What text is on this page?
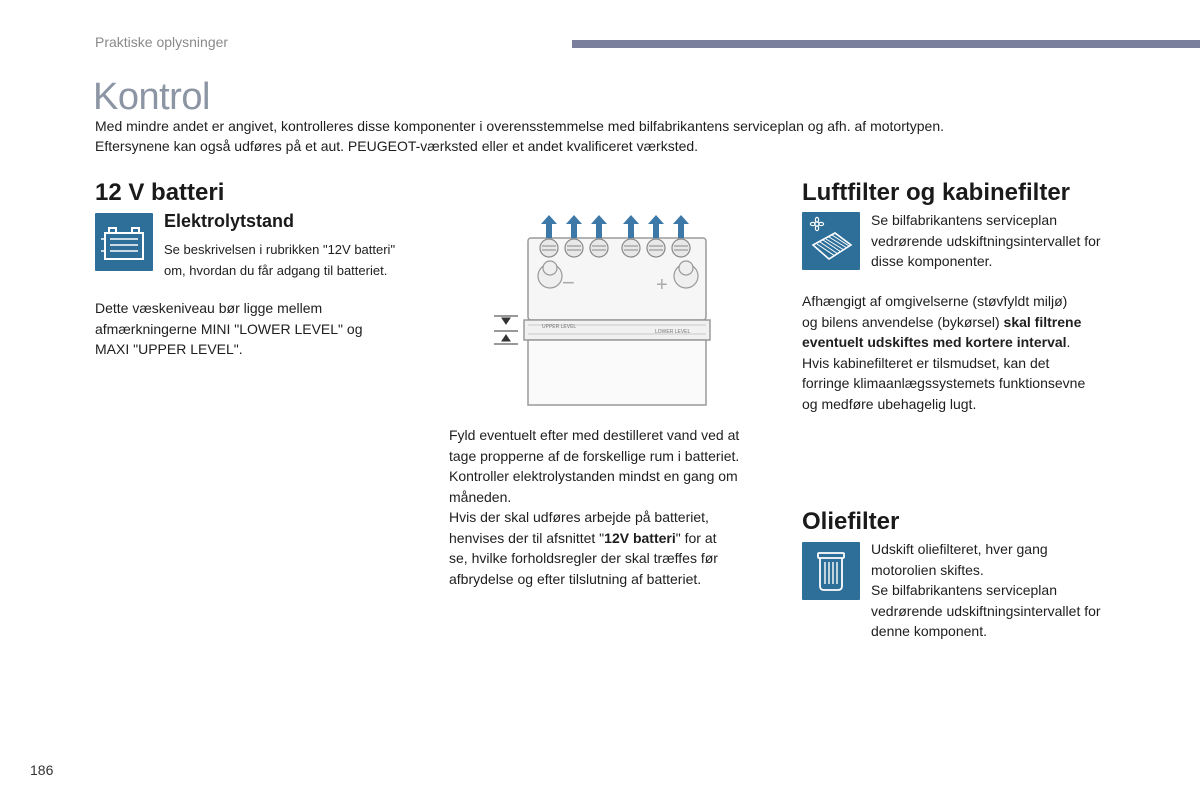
Praktiske oplysninger
Kontrol
Med mindre andet er angivet, kontrolleres disse komponenter i overensstemmelse med bilfabrikantens serviceplan og afh. af motortypen.
Eftersynene kan også udføres på et aut. PEUGEOT-værksted eller et andet kvalificeret værksted.
12 V batteri
Elektrolytstand
Se beskrivelsen i rubrikken "12V batteri"
om, hvordan du får adgang til batteriet.
Dette væskeniveau bør ligge mellem
afmærkningerne MINI "LOWER LEVEL" og
MAXI "UPPER LEVEL".
−	+
UPPER LEVEL
LOWER LEVEL
Fyld eventuelt efter med destilleret vand ved at
tage propperne af de forskellige rum i batteriet.
Kontroller elektrolystanden mindst en gang om
måneden.
Hvis der skal udføres arbejde på batteriet,
henvises der til afsnittet "12V batteri" for at
se, hvilke forholdsregler der skal træffes før
afbrydelse og efter tilslutning af batteriet.
Luftfilter og kabinefilter
Se bilfabrikantens serviceplan
vedrørende udskiftningsintervallet for
disse komponenter.
Afhængigt af omgivelserne (støvfyldt miljø)
og bilens anvendelse (bykørsel) skal filtrene
eventuelt udskiftes med kortere interval.
Hvis kabinefilteret er tilsmudset, kan det
forringe klimaanlægssystemets funktionsevne
og medføre ubehagelig lugt.
Oliefilter
Udskift oliefilteret, hver gang
motorolien skiftes.
Se bilfabrikantens serviceplan
vedrørende udskiftningsintervallet for
denne komponent.
186
